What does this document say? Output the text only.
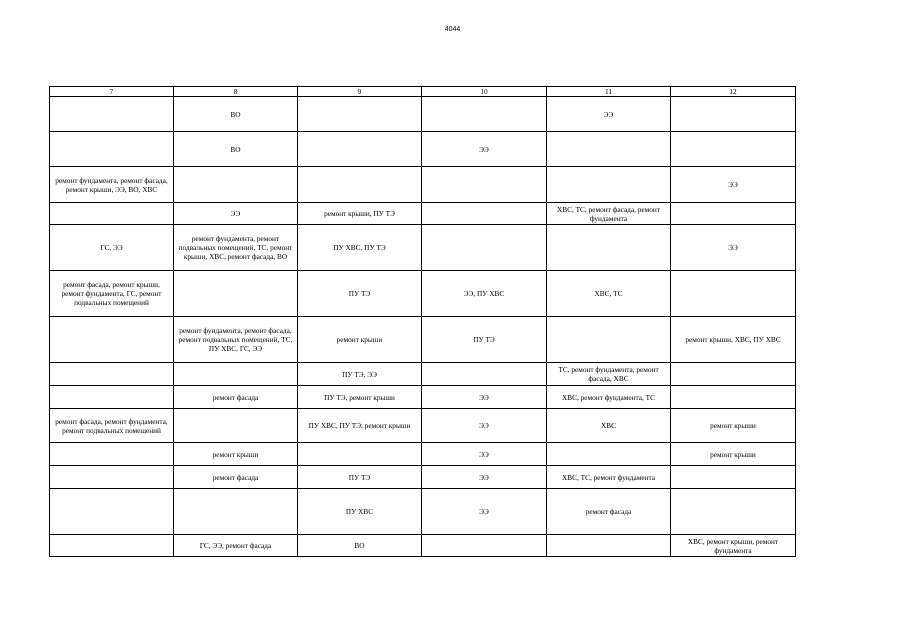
4044
7	8	9	10	11	12
	ВО			ЭЭ	
	ВО		ЭЭ		
ремонт фундамента, ремонт фасада, ремонт крыши, ЭЭ, ВО, ХВС					ЭЭ
	ЭЭ	ремонт крыши, ПУ ТЭ		ХВС, ТС, ремонт фасада, ремонт фундамента	
ГС, ЭЭ	ремонт фундамента, ремонт подвальных помещений, ТС, ремонт крыши, ХВС, ремонт фасада, ВО	ПУ ХВС, ПУ ТЭ			ЭЭ
ремонт фасада, ремонт крыши, ремонт фундамента, ГС, ремонт подвальных помещений		ПУ ТЭ	ЭЭ, ПУ ХВС	ХВС, ТС	
	ремонт фундамента, ремонт фасада, ремонт подвальных помещений, ТС, ПУ ХВС, ГС, ЭЭ	ремонт крыши	ПУ ТЭ		ремонт крыши, ХВС, ПУ ХВС
		ПУ ТЭ, ЭЭ		ТС, ремонт фундамента, ремонт фасада, ХВС	
	ремонт фасада	ПУ ТЭ, ремонт крыши	ЭЭ	ХВС, ремонт фундамента, ТС	
ремонт фасада, ремонт фундамента, ремонт подвальных помещений		ПУ ХВС, ПУ ТЭ, ремонт крыши	ЭЭ	ХВС	ремонт крыши
	ремонт крыши		ЭЭ		ремонт крыши
	ремонт фасада	ПУ ТЭ	ЭЭ	ХВС, ТС, ремонт фундамента	
		ПУ ХВС	ЭЭ	ремонт фасада	
	ГС, ЭЭ, ремонт фасада	ВО			ХВС, ремонт крыши, ремонт фундамента
